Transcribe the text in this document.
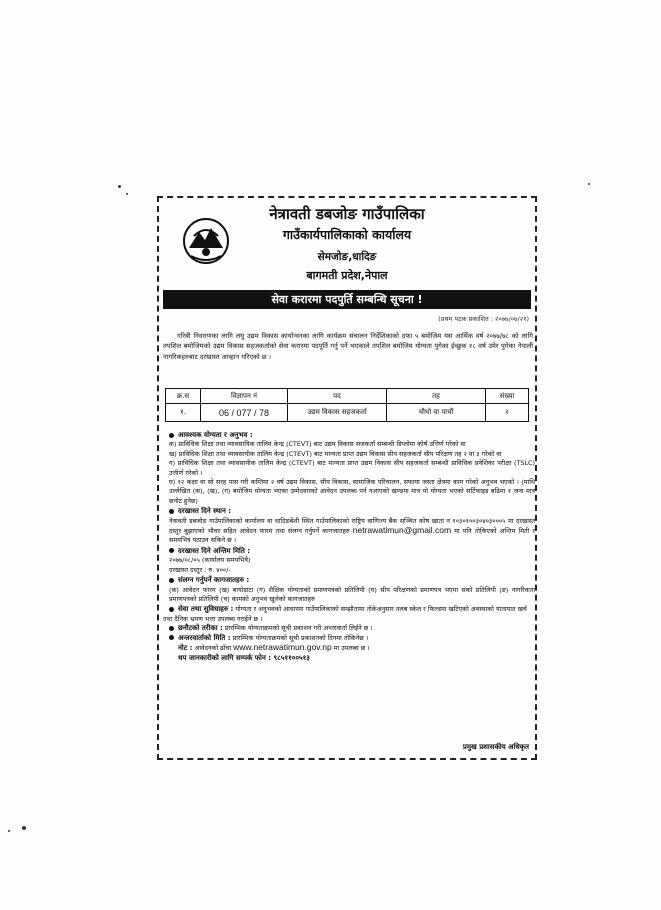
नेत्रावती डबजोङ गाउँपालिका
गाउँकार्यपालिकाको कार्यालय
सेमजोङ,धादिङ
बागमती प्रदेश,नेपाल
सेवा करारमा पदपुर्ति सम्बन्धि सूचना !
(प्रथम पटक प्रकाशित : २०७७/०७/२१)

गरिबी निवारणका लागि लघु उद्यम विकास कार्यान्वनका लागि कार्यक्रम संचालन निर्देशिकाको दफा ५ बमोजिम यस आर्थिक वर्ष २०७७/७८ को लागि तपशिल बमोजिमको उद्यम विकास सहजकर्ताको सेवा करारमा पदपूर्ति गर्नु पर्ने भएकाले तपशिल बमोजिम योग्यता पुगेका ईच्छुक १८ वर्ष उमेर पुगेका नेपाली नागरिकहरुबाट दरखास्त आव्हान गरिएको छ ।

क्र.स	विज्ञापन नं	पद	तह	संख्या
१.	06 / 077 / 78	उद्यम विकास सहजकर्ता	चौथो वा पाचौं	२
आवश्यक योग्यता र अनुभव :

क) प्राविधिक शिक्षा तथा व्यावसायिक तालिम केन्द्र (CTEVT) बाट उद्यम विकास सजकर्ता सम्बन्धी डिप्लोमा कोर्ष उत्तिर्ण गरेको वा

ख) प्राविधिक शिक्षा तथा व्यावसायीक तालिम केन्द्र (CTEVT) बाट मान्यता प्राप्त उद्यम विकास सीप सहजकर्ता सीप परिक्षण तह २ वा ३ गरेको वा

ग) प्राविधिक शिक्षा तथा व्यावसायीक तालिम केन्द्र (CTEVT) बाट मान्यता प्राप्त उद्यम विकास सीप सहजकर्ता सम्बन्धी प्राविधिक प्रवेशिका परीक्षा (TSLC) उत्तीर्ण गरेको ।

घ) १२ कक्षा वा सो सरह पास गरी कम्तिमा २ वर्ष उद्यम विकास, सीप विकास, सामाजिक परिचालन, सफाया जस्ता क्षेत्रमा काम गरेको अनुभव भएको । (माथि उल्लेखित (क), (ख), (ग) बमोजिम योग्यता भएका उम्मेदवारको आवेदन उपलब्ध पर्न नआएको खण्डमा मात्र यो योग्यता भएको सर्टिफाइड बढिमा १ जना मात्र छनोट हुनेछ)

दरखास्त दिने स्थान :

नेत्रावती डबजोङ गाउँपालिकाको कार्यालय वा धादिङबेंशी स्थित गाउँपालिकाको राष्ट्रिय वाणिज्य बैंक सञ्चित कोष खाता न १०३०१००३०४०३०००५ मा दरखास्त दस्तुर बुझाएको भौचर सहित आवेदन फारम तथा संलग्न गर्नुपर्ने कागजातहरु netrawatimun@gmail.com मा पनि तोकिएको अन्तिम मिती र समयभित्र पठाउन सकिने छ ।

दरखास्त दिने अन्तिम मिति :

२०७७/०८/०५ (कार्यालय समयभित्रै)

दरखास्त दस्तुर : रु. ४००/-

संलग्न गर्नुपर्ने कागजातहरु :

(क) आवेदन फारम (ख) बायोडाटा (ग) शैक्षिक योग्यताको प्रमाणपत्रको प्रतिलिपी (घ) सीप परिक्षणको प्रमाणपत्र भएमा सको प्रतिलिपी (ङ) नागरिकता प्रमाणपत्रको प्रतिलिपी (च) कामको अनुभव खुलेको कागजातहरु

सेवा तथा सुविधाहरु : योग्यता र अनुभवको आधारमा गाउँपालिकाको सम्झौतामा तोकेअनुसार तलब स्केल र फिल्डमा खटिएको अवस्थाको यातायात खर्च तथा दैनिक भ्रमण भत्ता उपलब्ध गराईने छ ।
छनौटको तरीका : प्रारम्भिक योग्यताक्रमको सूची प्रकाशन गरी अन्तरवार्ता लिईने छ ।
अन्तरवार्ताको मिति : प्रारम्भिक योग्यताक्रमको सूची प्रकाशनको दिनमा तोकिनेछ ।
नोट : आवेदनको ढाँचा www.netrawatimun.gov.np मा उपलब्ध छ ।
थप जानकारीको लागि सम्पर्क फोन : ९८५११००५१३
प्रमुख प्रशासकीय अधिकृत
